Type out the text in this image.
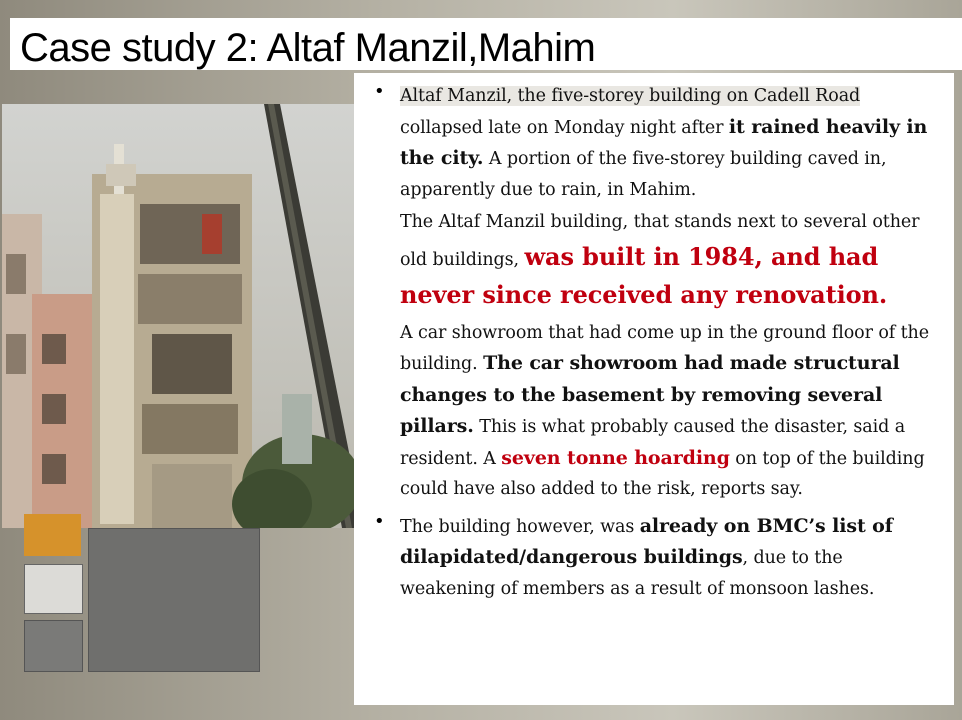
Case study 2: Altaf Manzil,Mahim
• Altaf Manzil, the five-storey building on Cadell Road collapsed late on Monday night after it rained heavily in the city. A portion of the five-storey building caved in, apparently due to rain, in Mahim.

The Altaf Manzil building, that stands next to several other old buildings, was built in 1984, and had never since received any renovation.

A car showroom that had come up in the ground floor of the building. The car showroom had made structural changes to the basement by removing several pillars. This is what probably caused the disaster, said a resident. A seven tonne hoarding on top of the building could have also added to the risk, reports say.

• The building however, was already on BMC’s list of dilapidated/dangerous buildings, due to the weakening of members as a result of monsoon lashes.
